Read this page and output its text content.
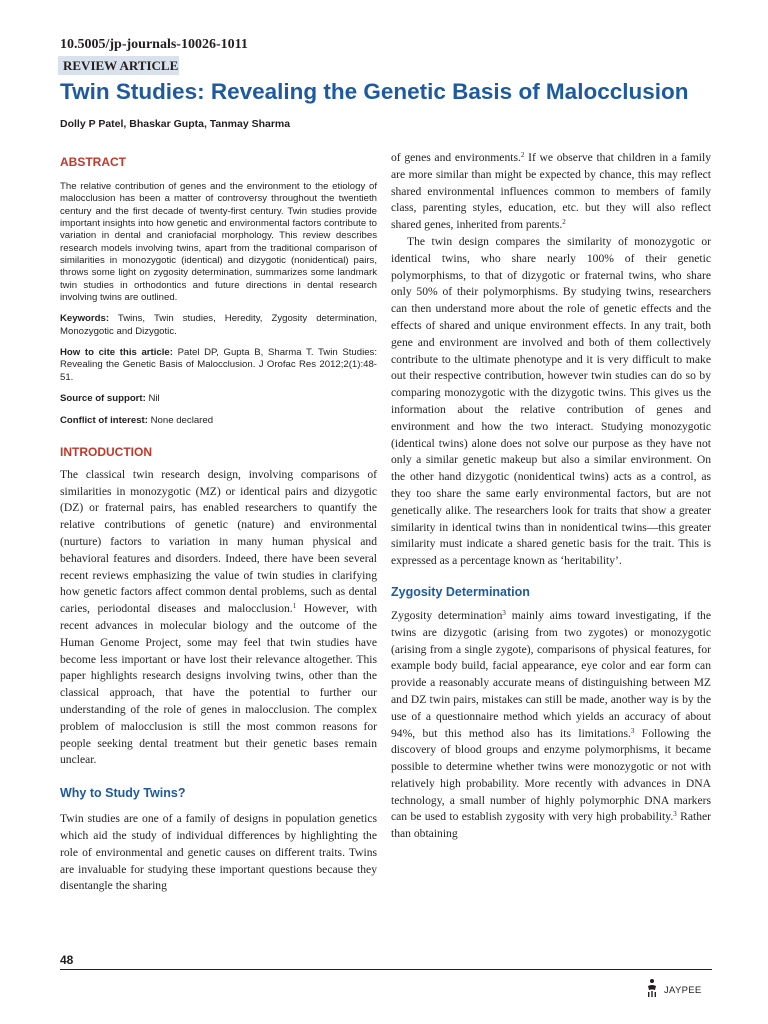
10.5005/jp-journals-10026-1011
REVIEW ARTICLE
Twin Studies: Revealing the Genetic Basis of Malocclusion
Dolly P Patel, Bhaskar Gupta, Tanmay Sharma
ABSTRACT

The relative contribution of genes and the environment to the etiology of malocclusion has been a matter of controversy throughout the twentieth century and the first decade of twenty-first century. Twin studies provide important insights into how genetic and environmental factors contribute to variation in dental and craniofacial morphology. This review describes research models involving twins, apart from the traditional comparison of similarities in monozygotic (identical) and dizygotic (nonidentical) pairs, throws some light on zygosity determination, summarizes some landmark twin studies in orthodontics and future directions in dental research involving twins are outlined.

Keywords: Twins, Twin studies, Heredity, Zygosity determination, Monozygotic and Dizygotic.

How to cite this article: Patel DP, Gupta B, Sharma T. Twin Studies: Revealing the Genetic Basis of Malocclusion. J Orofac Res 2012;2(1):48-51.

Source of support: Nil

Conflict of interest: None declared

INTRODUCTION

The classical twin research design, involving comparisons of similarities in monozygotic (MZ) or identical pairs and dizygotic (DZ) or fraternal pairs, has enabled researchers to quantify the relative contributions of genetic (nature) and environmental (nurture) factors to variation in many human physical and behavioral features and disorders. Indeed, there have been several recent reviews emphasizing the value of twin studies in clarifying how genetic factors affect common dental problems, such as dental caries, periodontal diseases and malocclusion.$^1$ However, with recent advances in molecular biology and the outcome of the Human Genome Project, some may feel that twin studies have become less important or have lost their relevance altogether. This paper highlights research designs involving twins, other than the classical approach, that have the potential to further our understanding of the role of genes in malocclusion. The complex problem of malocclusion is still the most common reasons for people seeking dental treatment but their genetic bases remain unclear.

Why to Study Twins?

Twin studies are one of a family of designs in population genetics which aid the study of individual differences by highlighting the role of environmental and genetic causes on different traits. Twins are invaluable for studying these important questions because they disentangle the sharing

of genes and environments.$^2$ If we observe that children in a family are more similar than might be expected by chance, this may reflect shared environmental influences common to members of family class, parenting styles, education, etc. but they will also reflect shared genes, inherited from parents.$^2$

The twin design compares the similarity of monozygotic or identical twins, who share nearly 100% of their genetic polymorphisms, to that of dizygotic or fraternal twins, who share only 50% of their polymorphisms. By studying twins, researchers can then understand more about the role of genetic effects and the effects of shared and unique environment effects. In any trait, both gene and environment are involved and both of them collectively contribute to the ultimate phenotype and it is very difficult to make out their respective contribution, however twin studies can do so by comparing monozygotic with the dizygotic twins. This gives us the information about the relative contribution of genes and environment and how the two interact. Studying monozygotic (identical twins) alone does not solve our purpose as they have not only a similar genetic makeup but also a similar environment. On the other hand dizygotic (nonidentical twins) acts as a control, as they too share the same early environmental factors, but are not genetically alike. The researchers look for traits that show a greater similarity in identical twins than in nonidentical twins—this greater similarity must indicate a shared genetic basis for the trait. This is expressed as a percentage known as ‘heritability’.

Zygosity Determination

Zygosity determination$^3$ mainly aims toward investigating, if the twins are dizygotic (arising from two zygotes) or monozygotic (arising from a single zygote), comparisons of physical features, for example body build, facial appearance, eye color and ear form can provide a reasonably accurate means of distinguishing between MZ and DZ twin pairs, mistakes can still be made, another way is by the use of a questionnaire method which yields an accuracy of about 94%, but this method also has its limitations.$^3$ Following the discovery of blood groups and enzyme polymorphisms, it became possible to determine whether twins were monozygotic or not with relatively high probability. More recently with advances in DNA technology, a small number of highly polymorphic DNA markers can be used to establish zygosity with very high probability.$^3$ Rather than obtaining

48
JAYPEE
